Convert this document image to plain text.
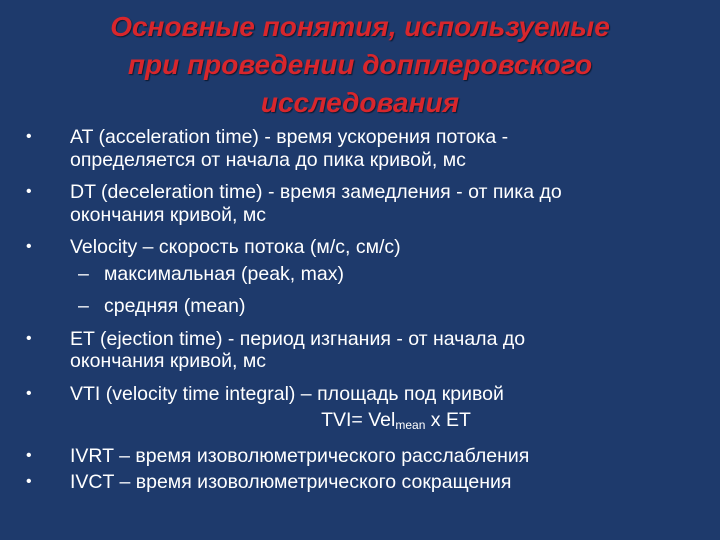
Основные понятия, используемые
при проведении допплеровского
исследования
•	AT (acceleration time) - время ускорения потока -
определяется от начала до пика кривой, мс
•	DT (deceleration time) - время замедления - от пика до
окончания кривой, мс
•	Velocity – скорость потока (м/с, см/с)
– максимальная (peak, max)
– средняя (mean)
•	ET (ejection time) - период изгнания - от начала до
окончания кривой, мс
•	VTI (velocity time integral) – площадь под кривой
TVI= Vel$_{mean}$ x ET
•	IVRT – время изоволюметрического расслабления
•	IVCT – время изоволюметрического сокращения
